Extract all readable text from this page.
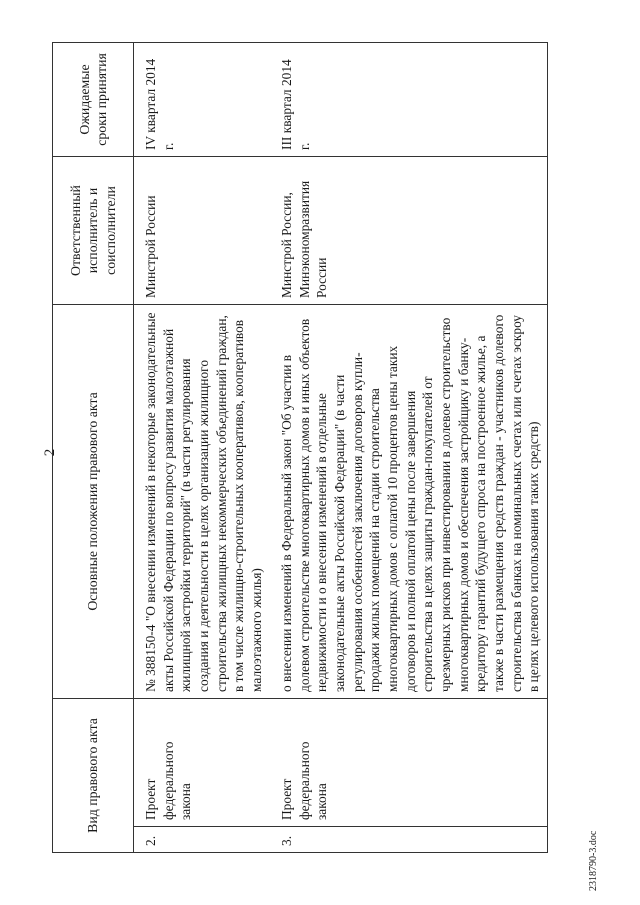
2
Вид правового акта		Основные положения правового акта	Ответственный исполнитель и соисполнители	Ожидаемые сроки принятия
2.	Проект федерального закона	№ 388150-4 "О внесении изменений в некоторые законодательные акты Российской Федерации по вопросу развития малоэтажной жилищной застройки территорий" (в части регулирования создания и деятельности в целях организации жилищного строительства жилищных некоммерческих объединений граждан, в том числе жилищно-строительных кооперативов, кооперативов малоэтажного жилья)	Минстрой России	IV квартал 2014 г.
3.	Проект федерального закона	о внесении изменений в Федеральный закон "Об участии в долевом строительстве многоквартирных домов и иных объектов недвижимости и о внесении изменений в отдельные законодательные акты Российской Федерации" (в части регулирования особенностей заключения договоров купли-продажи жилых помещений на стадии строительства многоквартирных домов с оплатой 10 процентов цены таких договоров и полной оплатой цены после завершения строительства в целях защиты граждан-покупателей от чрезмерных рисков при инвестировании в долевое строительство многоквартирных домов и обеспечения застройщику и банку-кредитору гарантий будущего спроса на построенное жилье, а также в части размещения средств граждан - участников долевого строительства в банках на номинальных счетах или счетах эскроу в целях целевого использования таких средств)	Минстрой России, Минэкономразвития России	III квартал 2014 г.
2318790-3.doc
